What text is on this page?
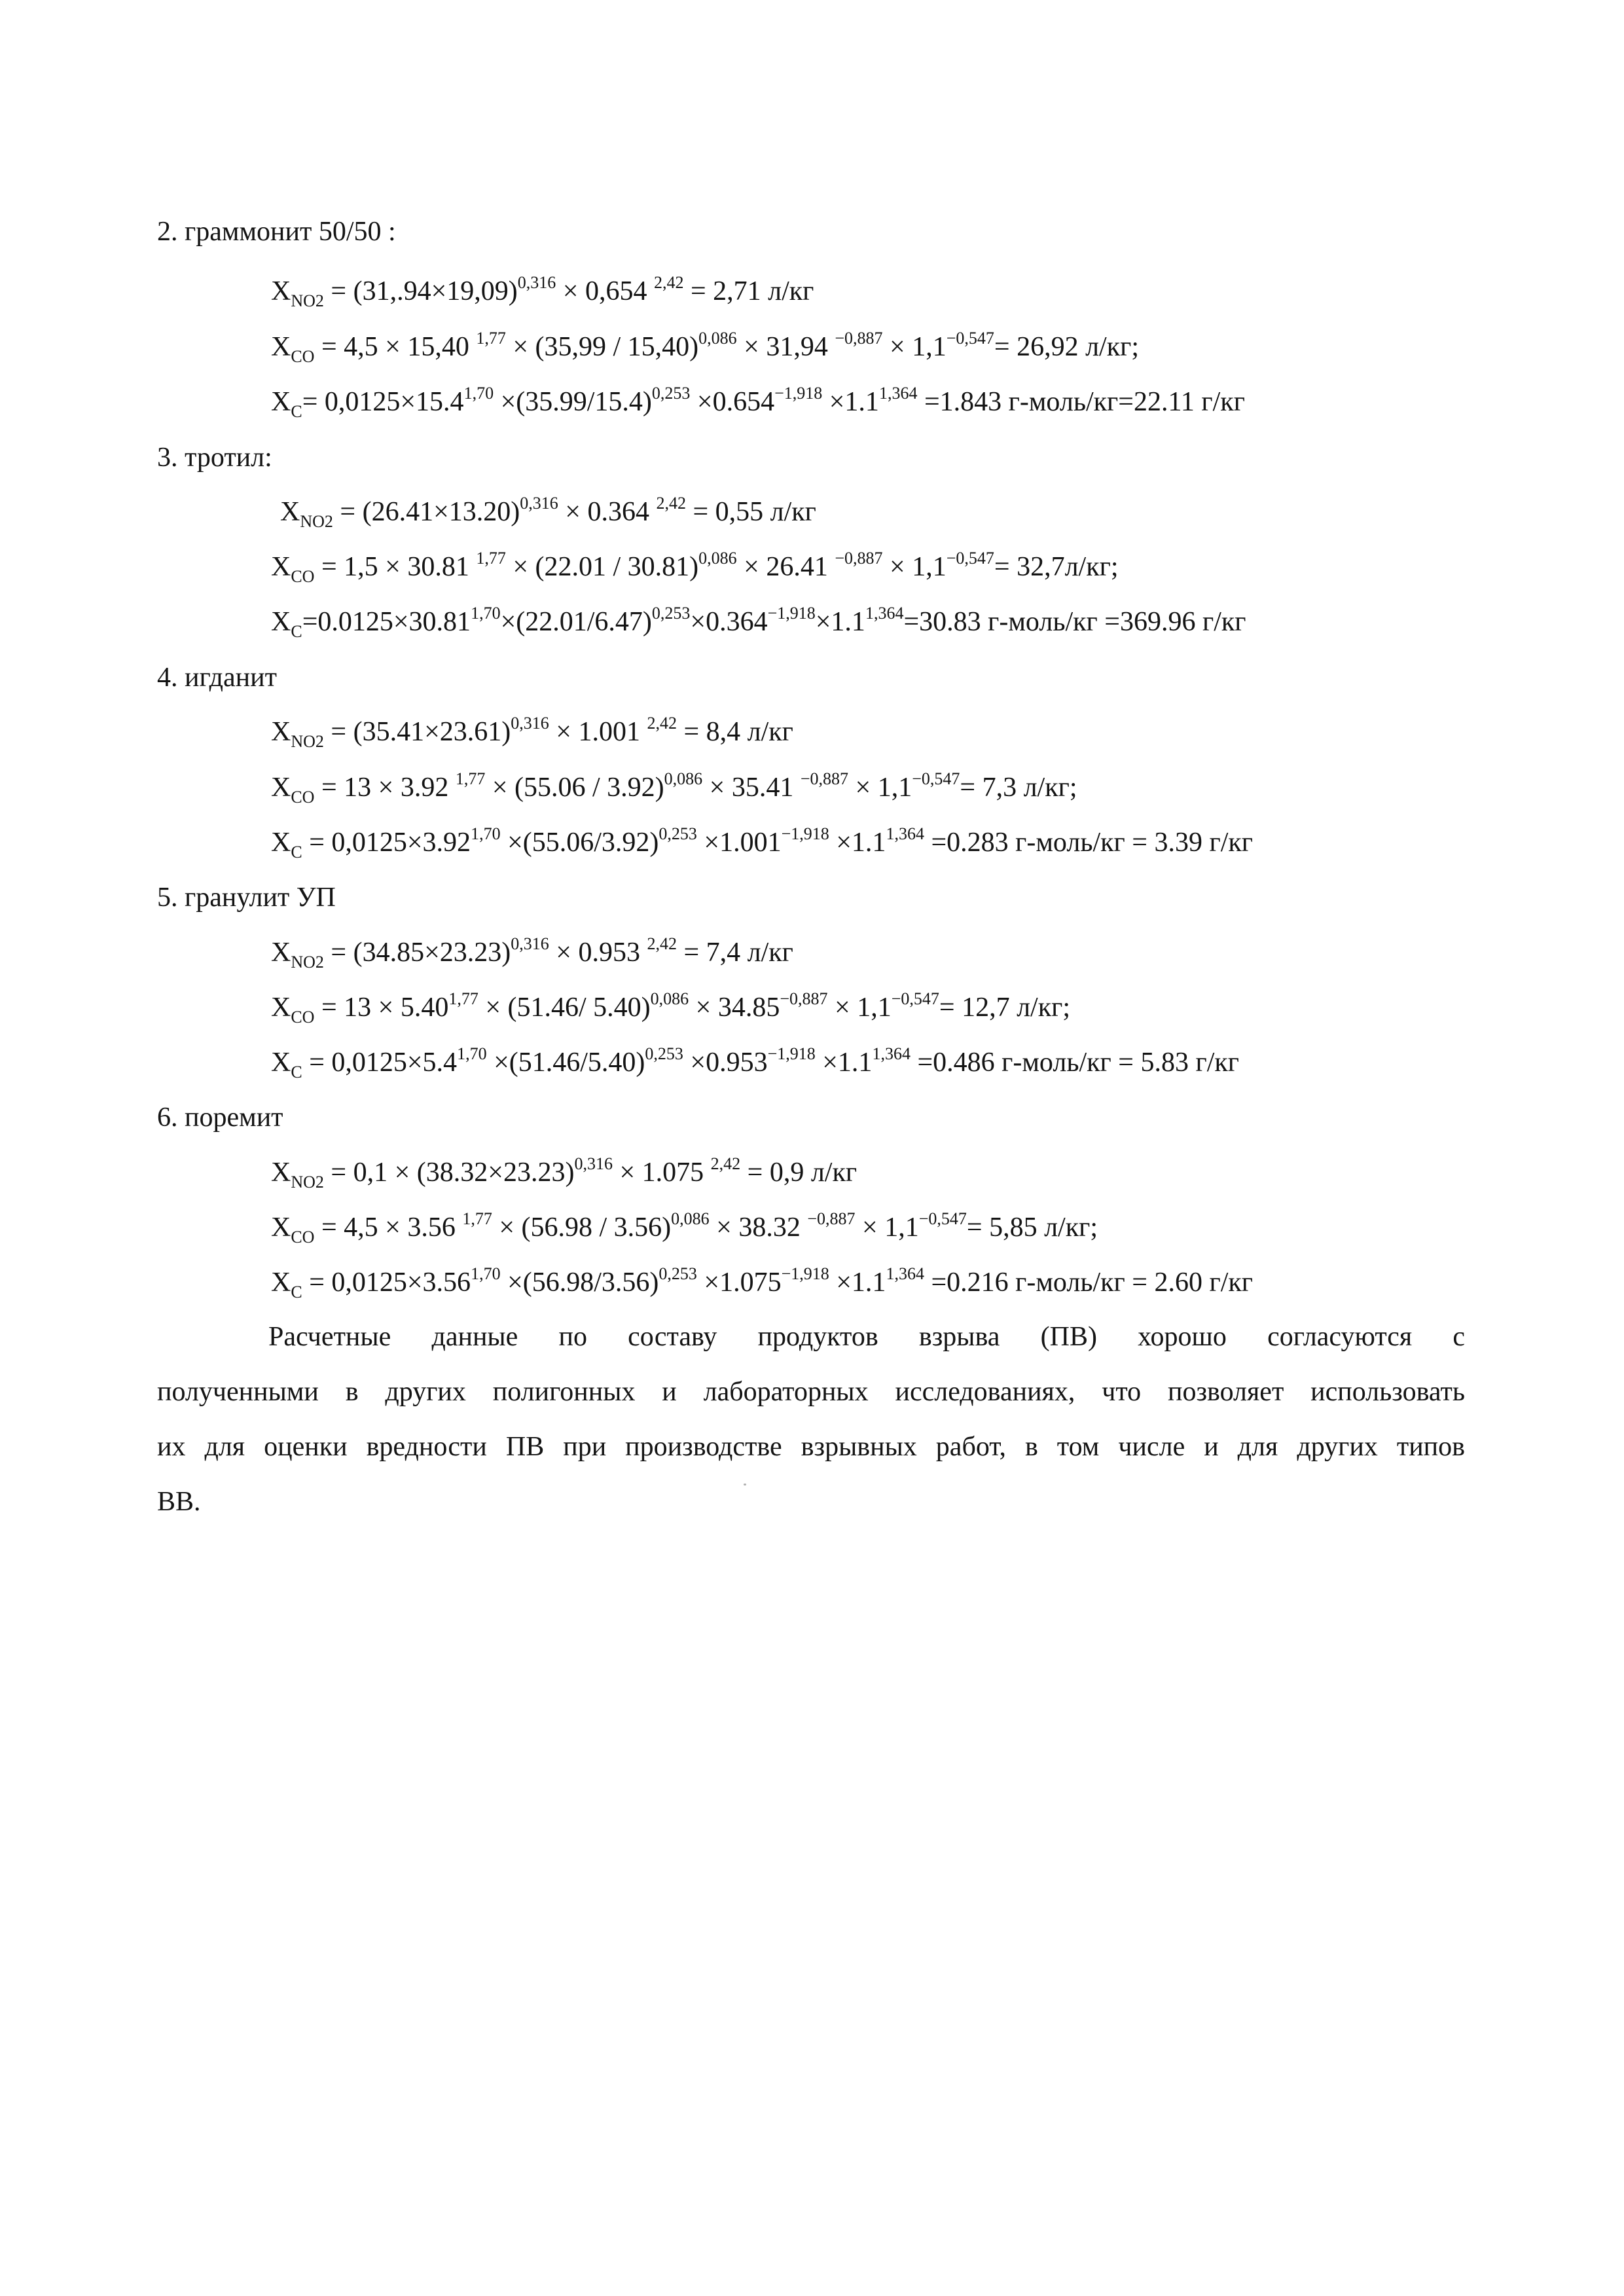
2. граммонит 50/50 :
$X_{NO2} = (31,.94\times 19,09)^{0,316} \times 0,654$ $^{2,42}$ = 2,71 л/кг
$X_{CO} = 4,5 \times 15,40$ $^{1,77}$ × (35,99 / 15,40)$^{0,086}$ × 31,94 $^{-0,887} \times 1,1^{-0,547}= 26,92$ л/кг;
$X_C= 0,0125\times 15.4^{1,70} \times(35.99/15.4)^{0,253} \times 0.654^{-1,918} \times 1.1^{1,364} =1.843$ г-моль/кг=22.11 г/кг
3. тротил:
$X_{NO2} = (26.41\times 13.20)^{0,316} \times 0.364$ $^{2,42}$ = 0,55 л/кг
$X_{CO} = 1,5 \times 30.81$ $^{1,77}$ × (22.01 / 30.81)$^{0,086}$ × 26.41 $^{-0,887} \times 1,1^{-0,547}= 32,7л/кг$;
$X_C=0.0125\times 30.81^{1,70}\times(22.01/6.47)^{0,253}\times 0.364^{-1,918}\times 1.1^{1,364}=30.83$ г-моль/кг =369.96 г/кг
4. игданит
$X_{NO2} = (35.41\times 23.61)^{0,316} \times 1.001$ $^{2,42}$ = 8,4 л/кг
$X_{CO} = 13 \times 3.92$ $^{1,77}$ × (55.06 / 3.92)$^{0,086}$ × 35.41 $^{-0,887} \times 1,1^{-0,547}= 7,3$ л/кг;
$X_C = 0,0125\times 3.92^{1,70} \times(55.06/3.92)^{0,253} \times 1.001^{-1,918} \times 1.1^{1,364} =0.283$ г-моль/кг = 3.39 г/кг
5. гранулит УП
$X_{NO2} = (34.85\times 23.23)^{0,316} \times 0.953$ $^{2,42}$ = 7,4 л/кг
$X_{CO} = 13 \times 5.40^{1,77} \times (51.46/$ $5.40)^{0,086} \times 34.85^{-0,887} \times 1,1^{-0,547}= 12,7$ л/кг;
$X_C = 0,0125\times 5.4^{1,70} \times(51.46/5.40)^{0,253} \times 0.953^{-1,918} \times 1.1^{1,364} =0.486$ г-моль/кг = 5.83 г/кг
6. поремит
$X_{NO2} = 0,1 \times (38.32\times 23.23)^{0,316} \times 1.075$ $^{2,42}$ = 0,9 л/кг
$X_{CO} = 4,5 \times 3.56$ $^{1,77}$ × (56.98 / 3.56)$^{0,086}$ × 38.32 $^{-0,887} \times 1,1^{-0,547}= 5,85$ л/кг;
$X_C = 0,0125\times 3.56^{1,70} \times(56.98/3.56)^{0,253} \times 1.075^{-1,918} \times 1.1^{1,364} =0.216$ г-моль/кг = 2.60 г/кг
Расчетные данные по составу продуктов взрыва (ПВ) хорошо согласуются с
полученными в других полигонных и лабораторных исследованиях, что позволяет использовать
их для оценки вредности ПВ при производстве взрывных работ, в том числе и для других типов
ВВ.
